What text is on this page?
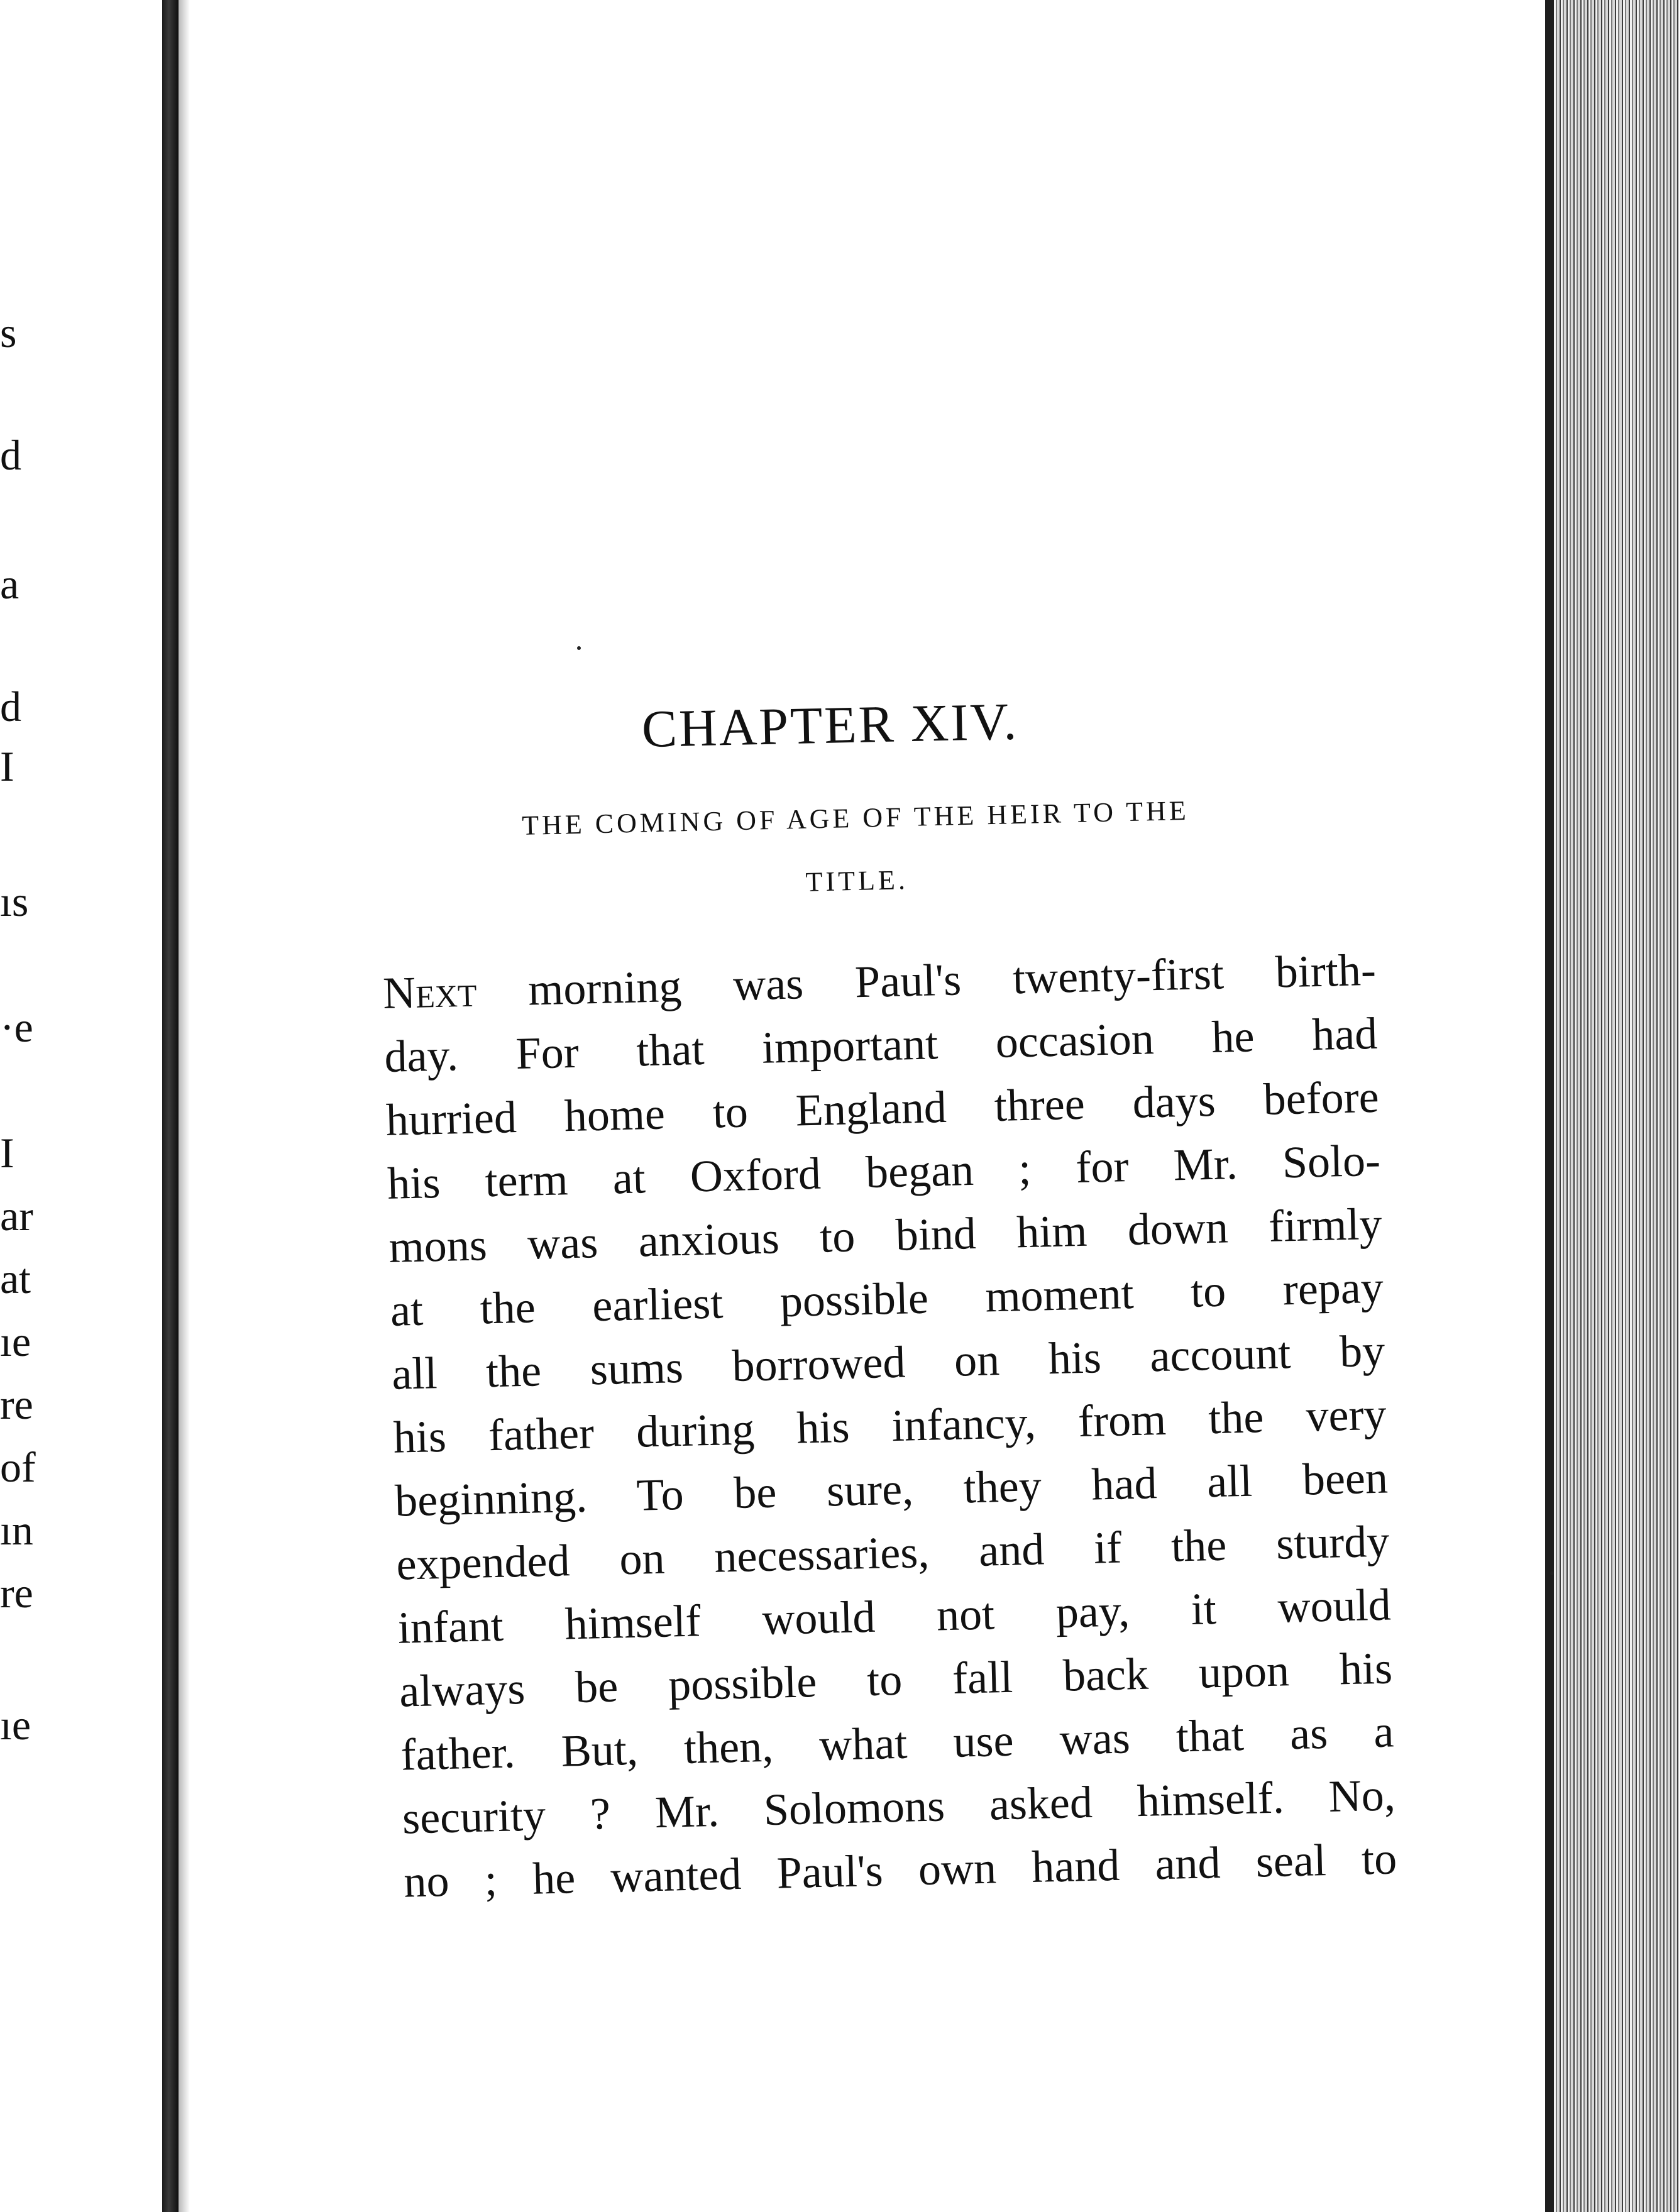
s
d
a
d
I
ıs
·e
I
ar
at
ıe
re
of
ın
re
ıe
CHAPTER XIV.
THE COMING OF AGE OF THE HEIR TO THE
TITLE.
Next morning was Paul's twenty-first birth-
day. For that important occasion he had
hurried home to England three days before
his term at Oxford began ; for Mr. Solo-
mons was anxious to bind him down firmly
at the earliest possible moment to repay
all the sums borrowed on his account by
his father during his infancy, from the very
beginning. To be sure, they had all been
expended on necessaries, and if the sturdy
infant himself would not pay, it would
always be possible to fall back upon his
father. But, then, what use was that as a
security ? Mr. Solomons asked himself. No,
no ; he wanted Paul's own hand and seal to
